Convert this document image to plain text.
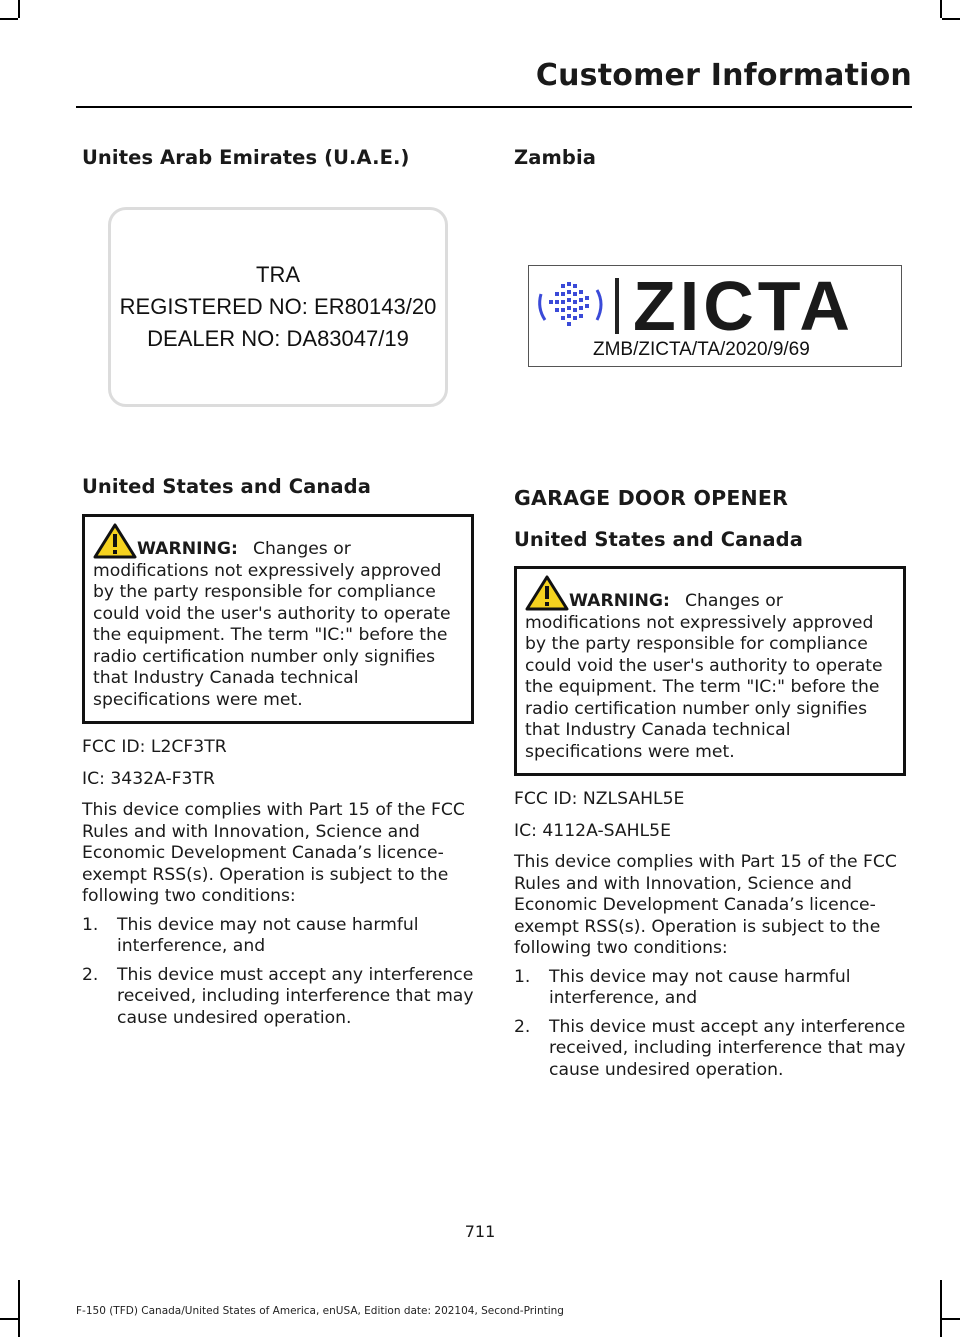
Customer Information
Unites Arab Emirates (U.A.E.)
TRA
REGISTERED NO: ER80143/20
DEALER NO: DA83047/19
United States and Canada
WARNING: Changes or modifications not expressively approved by the party responsible for compliance could void the user's authority to operate the equipment. The term "IC:" before the radio certification number only signifies that Industry Canada technical specifications were met.

FCC ID: L2CF3TR

IC: 3432A-F3TR

This device complies with Part 15 of the FCC Rules and with Innovation, Science and Economic Development Canada’s licence-exempt RSS(s). Operation is subject to the following two conditions:

1. This device may not cause harmful interference, and
2. This device must accept any interference received, including interference that may cause undesired operation.
Zambia
ZICTA
ZMB/ZICTA/TA/2020/9/69
GARAGE DOOR OPENER
United States and Canada
WARNING: Changes or modifications not expressively approved by the party responsible for compliance could void the user's authority to operate the equipment. The term "IC:" before the radio certification number only signifies that Industry Canada technical specifications were met.

FCC ID: NZLSAHL5E

IC: 4112A-SAHL5E

This device complies with Part 15 of the FCC Rules and with Innovation, Science and Economic Development Canada’s licence-exempt RSS(s). Operation is subject to the following two conditions:

1. This device may not cause harmful interference, and
2. This device must accept any interference received, including interference that may cause undesired operation.
711
F-150 (TFD) Canada/United States of America, enUSA, Edition date: 202104, Second-Printing
